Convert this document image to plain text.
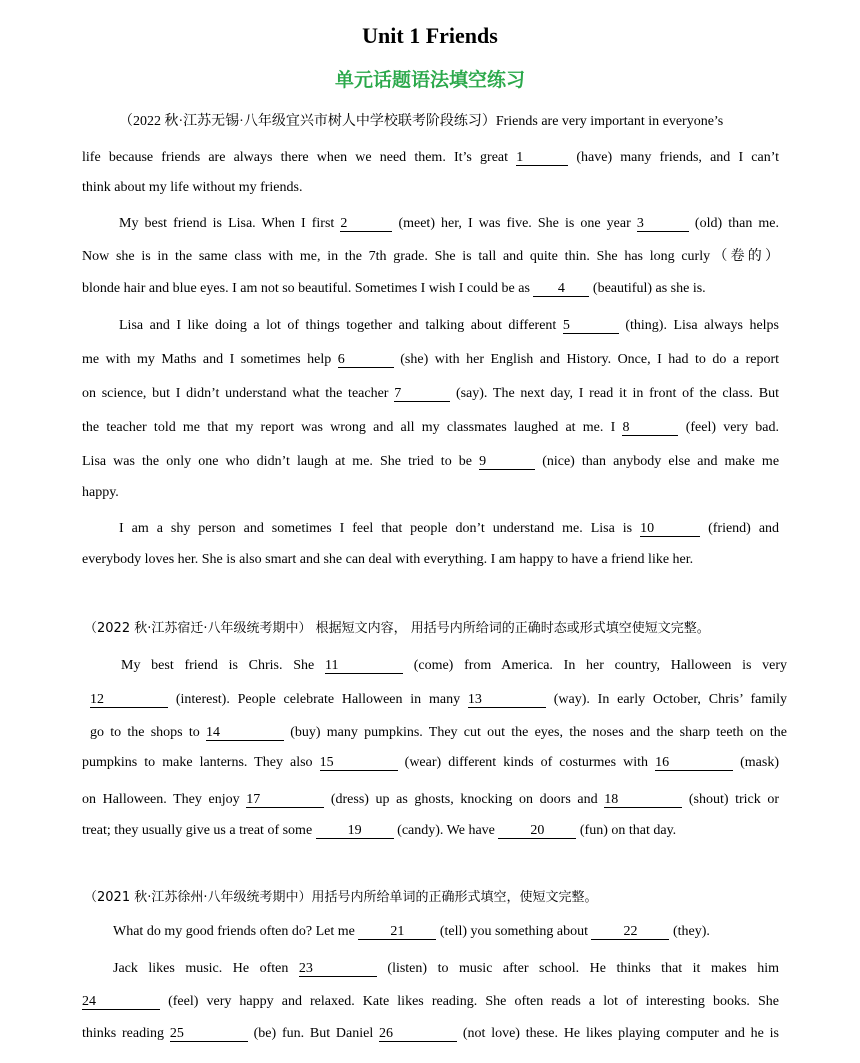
Unit 1 Friends
单元话题语法填空练习
（2022 秋·江苏无锡·八年级宜兴市树人中学校联考阶段练习）Friends are very important in everyone’s
life because friends are always there when we need them. It’s great 1	(have) many friends, and I can’t
think about my life without my friends.
My best friend is Lisa. When I first 2	(meet) her, I was five. She is one year 3	(old) than me.
Now she is in the same class with me, in the 7th grade. She is tall and quite thin. She has long curly（卷的）
blonde hair and blue eyes. I am not so beautiful. Sometimes I wish I could be as 4 (beautiful) as she is.
Lisa and I like doing a lot of things together and talking about different 5	(thing). Lisa always helps
me with my Maths and I sometimes help 6	(she) with her English and History. Once, I had to do a report
on science, but I didn’t understand what the teacher 7	(say). The next day, I read it in front of the class. But
the teacher told me that my report was wrong and all my classmates laughed at me. I 8	(feel) very bad.
Lisa was the only one who didn’t laugh at me. She tried to be 9	(nice) than anybody else and make me
happy.
I am a shy person and sometimes I feel that people don’t understand me. Lisa is 10	(friend) and
everybody loves her. She is also smart and she can deal with everything. I am happy to have a friend like her.
（2022 秋·江苏宿迁·八年级统考期中） 根据短文内容， 用括号内所给词的正确时态或形式填空使短文完整。
My best friend is Chris. She 11	(come) from America. In her country, Halloween is very
12	(interest). People celebrate Halloween in many 13	(way). In early October, Chris’ family
go to the shops to 14	(buy) many pumpkins. They cut out the eyes, the noses and the sharp teeth on the
pumpkins to make lanterns. They also 15	(wear) different kinds of costurmes with 16	(mask)
on Halloween. They enjoy 17	(dress) up as ghosts, knocking on doors and 18	(shout) trick or
treat; they usually give us a treat of some	19	(candy). We have	20	(fun) on that day.
（2021 秋·江苏徐州·八年级统考期中）用括号内所给单词的正确形式填空，使短文完整。
What do my good friends often do? Let me	21	(tell) you something about	22	(they).
Jack likes music. He often 23	(listen) to music after school. He thinks that it makes him
24	(feel) very happy and relaxed. Kate likes reading. She often reads a lot of interesting books. She
thinks reading 25	(be) fun. But Daniel 26	(not love) these. He likes playing computer and he is
